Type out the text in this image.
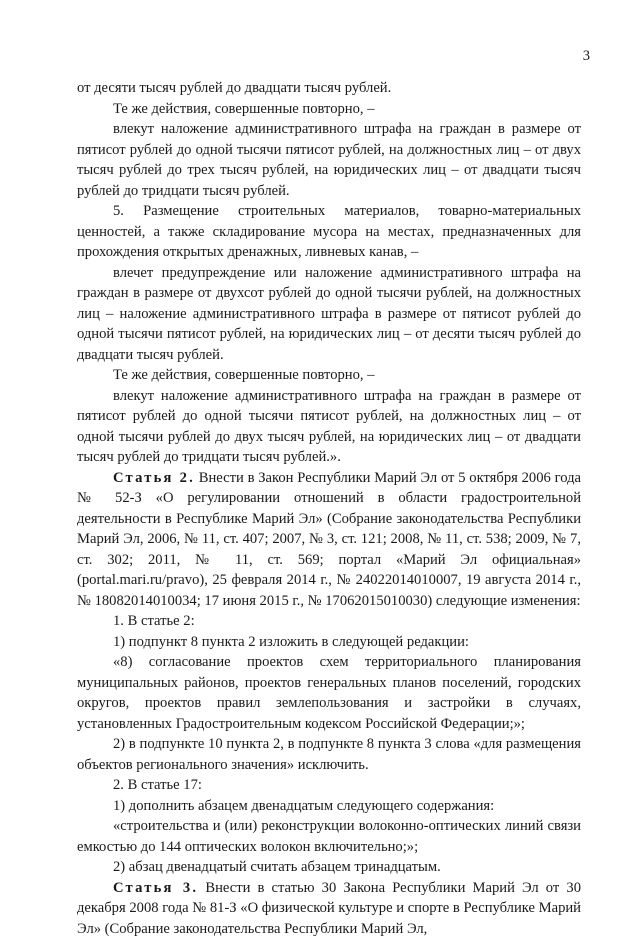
3

от десяти тысяч рублей до двадцати тысяч рублей.

Те же действия, совершенные повторно, –

влекут наложение административного штрафа на граждан в размере от пятисот рублей до одной тысячи пятисот рублей, на должностных лиц – от двух тысяч рублей до трех тысяч рублей, на юридических лиц – от двадцати тысяч рублей до тридцати тысяч рублей.

5. Размещение строительных материалов, товарно-материальных ценностей, а также складирование мусора на местах, предназначенных для прохождения открытых дренажных, ливневых канав, –

влечет предупреждение или наложение административного штрафа на граждан в размере от двухсот рублей до одной тысячи рублей, на должностных лиц – наложение административного штрафа в размере от пятисот рублей до одной тысячи пятисот рублей, на юридических лиц – от десяти тысяч рублей до двадцати тысяч рублей.

Те же действия, совершенные повторно, –

влекут наложение административного штрафа на граждан в размере от пятисот рублей до одной тысячи пятисот рублей, на должностных лиц – от одной тысячи рублей до двух тысяч рублей, на юридических лиц – от двадцати тысяч рублей до тридцати тысяч рублей.».

Статья 2. Внести в Закон Республики Марий Эл от 5 октября 2006 года № 52-З «О регулировании отношений в области градостроительной деятельности в Республике Марий Эл» (Собрание законодательства Республики Марий Эл, 2006, № 11, ст. 407; 2007, № 3, ст. 121; 2008, № 11, ст. 538; 2009, № 7, ст. 302; 2011, № 11, ст. 569; портал «Марий Эл официальная» (portal.mari.ru/pravo), 25 февраля 2014 г., № 24022014010007, 19 августа 2014 г., № 18082014010034; 17 июня 2015 г., № 17062015010030) следующие изменения:

1. В статье 2:

1) подпункт 8 пункта 2 изложить в следующей редакции:

«8) согласование проектов схем территориального планирования муниципальных районов, проектов генеральных планов поселений, городских округов, проектов правил землепользования и застройки в случаях, установленных Градостроительным кодексом Российской Федерации;»;

2) в подпункте 10 пункта 2, в подпункте 8 пункта 3 слова «для размещения объектов регионального значения» исключить.

2. В статье 17:

1) дополнить абзацем двенадцатым следующего содержания:

«строительства и (или) реконструкции волоконно-оптических линий связи емкостью до 144 оптических волокон включительно;»;

2) абзац двенадцатый считать абзацем тринадцатым.

Статья 3. Внести в статью 30 Закона Республики Марий Эл от 30 декабря 2008 года № 81-З «О физической культуре и спорте в Республике Марий Эл» (Собрание законодательства Республики Марий Эл,
